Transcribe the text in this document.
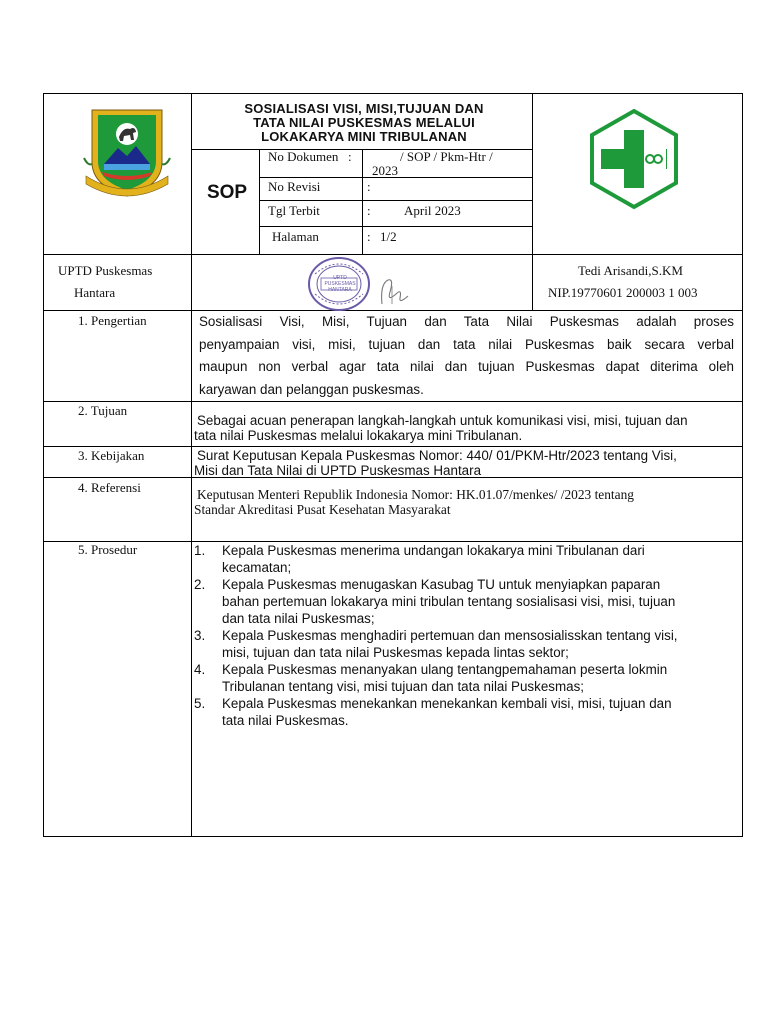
SOSIALISASI VISI, MISI,TUJUAN DAN
TATA NILAI PUSKESMAS MELALUI
LOKAKARYA MINI TRIBULANAN
SOP
No Dokumen :	/ SOP / Pkm-Htr /
2023
No Revisi	:
Tgl Terbit	:	April 2023
Halaman	: 1/2
UPTD Puskesmas
Hantara
UPTD PUSKESMAS HANTARA
Tedi Arisandi,S.KM
NIP.19770601 200003 1 003
1. Pengertian	Sosialisasi Visi, Misi, Tujuan dan Tata Nilai Puskesmas adalah proses
penyampaian visi, misi, tujuan dan tata nilai Puskesmas baik secara verbal
maupun non verbal agar tata nilai dan tujuan Puskesmas dapat diterima oleh
karyawan dan pelanggan puskesmas.
2. Tujuan
Sebagai acuan penerapan langkah-langkah untuk komunikasi visi, misi, tujuan dan
tata nilai Puskesmas melalui lokakarya mini Tribulanan.
3. Kebijakan	Surat Keputusan Kepala Puskesmas Nomor: 440/ 01/PKM-Htr/2023 tentang Visi,
Misi dan Tata Nilai di UPTD Puskesmas Hantara
4. Referensi	Keputusan Menteri Republik Indonesia Nomor: HK.01.07/menkes/ /2023 tentang
Standar Akreditasi Pusat Kesehatan Masyarakat
5. Prosedur	1. Kepala Puskesmas menerima undangan lokakarya mini Tribulanan dari
kecamatan;
2. Kepala Puskesmas menugaskan Kasubag TU untuk menyiapkan paparan
bahan pertemuan lokakarya mini tribulan tentang sosialisasi visi, misi, tujuan
dan tata nilai Puskesmas;
3. Kepala Puskesmas menghadiri pertemuan dan mensosialisskan tentang visi,
misi, tujuan dan tata nilai Puskesmas kepada lintas sektor;
4. Kepala Puskesmas menanyakan ulang tentangpemahaman peserta lokmin
Tribulanan tentang visi, misi tujuan dan tata nilai Puskesmas;
5. Kepala Puskesmas menekankan menekankan kembali visi, misi, tujuan dan
tata nilai Puskesmas.
